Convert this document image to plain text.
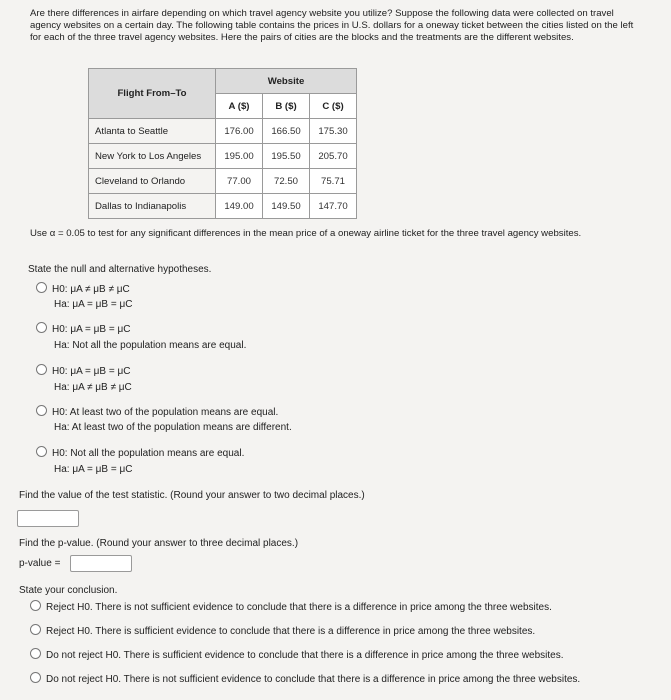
Are there differences in airfare depending on which travel agency website you utilize? Suppose the following data were collected on travel agency websites on a certain day. The following table contains the prices in U.S. dollars for a oneway ticket between the cities listed on the left for each of the three travel agency websites. Here the pairs of cities are the blocks and the treatments are the different websites.
Flight From–To	Website		
	A ($)	B ($)	C ($)
Atlanta to Seattle	176.00	166.50	175.30
New York to Los Angeles	195.00	195.50	205.70
Cleveland to Orlando	77.00	72.50	75.71
Dallas to Indianapolis	149.00	149.50	147.70
Use α = 0.05 to test for any significant differences in the mean price of a oneway airline ticket for the three travel agency websites.
State the null and alternative hypotheses.
H0: μA ≠ μB ≠ μC
Ha: μA = μB = μC
H0: μA = μB = μC
Ha: Not all the population means are equal.
H0: μA = μB = μC
Ha: μA ≠ μB ≠ μC
H0: At least two of the population means are equal.
Ha: At least two of the population means are different.
H0: Not all the population means are equal.
Ha: μA = μB = μC
Find the value of the test statistic. (Round your answer to two decimal places.)
Find the p-value. (Round your answer to three decimal places.)
p-value =
State your conclusion.
Reject H0. There is not sufficient evidence to conclude that there is a difference in price among the three websites.
Reject H0. There is sufficient evidence to conclude that there is a difference in price among the three websites.
Do not reject H0. There is sufficient evidence to conclude that there is a difference in price among the three websites.
Do not reject H0. There is not sufficient evidence to conclude that there is a difference in price among the three websites.
